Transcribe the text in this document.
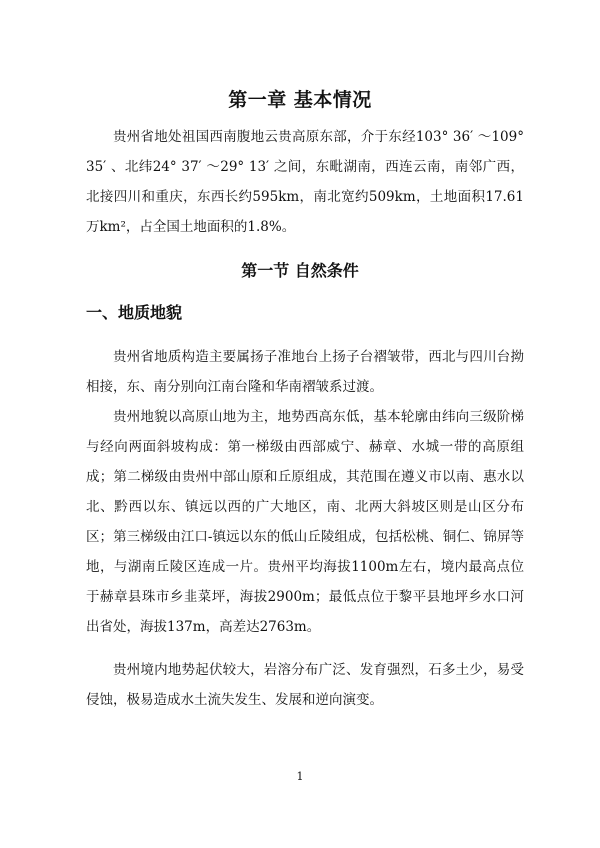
第一章 基本情况

贵州省地处祖国西南腹地云贵高原东部，介于东经103° 36′ ～109° 35′ 、北纬24° 37′ ～29° 13′ 之间，东毗湖南，西连云南，南邻广西，北接四川和重庆，东西长约595km，南北宽约509km，土地面积17.61万km²，占全国土地面积的1.8%。

第一节 自然条件
一、地质地貌

贵州省地质构造主要属扬子准地台上扬子台褶皱带，西北与四川台拗相接，东、南分别向江南台隆和华南褶皱系过渡。

贵州地貌以高原山地为主，地势西高东低，基本轮廓由纬向三级阶梯与经向两面斜坡构成：第一梯级由西部威宁、赫章、水城一带的高原组成；第二梯级由贵州中部山原和丘原组成，其范围在遵义市以南、惠水以北、黔西以东、镇远以西的广大地区，南、北两大斜坡区则是山区分布区；第三梯级由江口-镇远以东的低山丘陵组成，包括松桃、铜仁、锦屏等地，与湖南丘陵区连成一片。贵州平均海拔1100m左右，境内最高点位于赫章县珠市乡韭菜坪，海拔2900m；最低点位于黎平县地坪乡水口河出省处，海拔137m，高差达2763m。

贵州境内地势起伏较大，岩溶分布广泛、发育强烈，石多土少，易受侵蚀，极易造成水土流失发生、发展和逆向演变。

1
